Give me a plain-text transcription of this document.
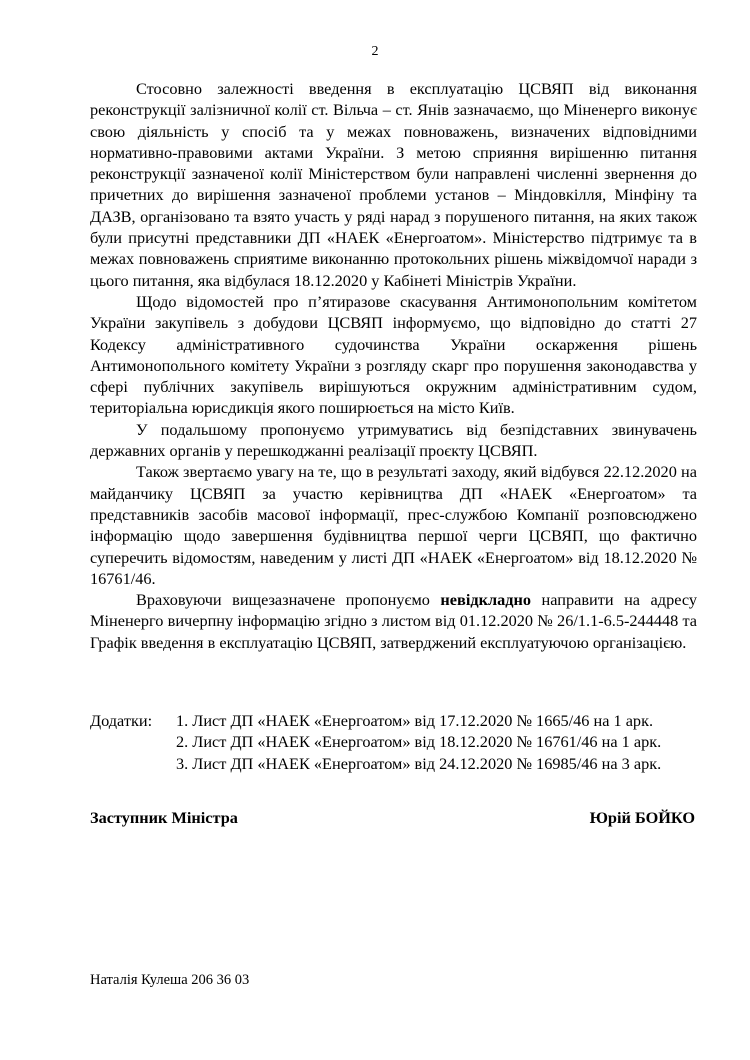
2

Стосовно залежності введення в експлуатацію ЦСВЯП від виконання реконструкції залізничної колії ст. Вільча – ст. Янів зазначаємо, що Міненерго виконує свою діяльність у спосіб та у межах повноважень, визначених відповідними нормативно-правовими актами України. З метою сприяння вирішенню питання реконструкції зазначеної колії Міністерством були направлені численні звернення до причетних до вирішення зазначеної проблеми установ – Міндовкілля, Мінфіну та ДАЗВ, організовано та взято участь у ряді нарад з порушеного питання, на яких також були присутні представники ДП «НАЕК «Енергоатом». Міністерство підтримує та в межах повноважень сприятиме виконанню протокольних рішень міжвідомчої наради з цього питання, яка відбулася 18.12.2020 у Кабінеті Міністрів України.

Щодо відомостей про п’ятиразове скасування Антимонопольним комітетом України закупівель з добудови ЦСВЯП інформуємо, що відповідно до статті 27 Кодексу адміністративного судочинства України оскарження рішень Антимонопольного комітету України з розгляду скарг про порушення законодавства у сфері публічних закупівель вирішуються окружним адміністративним судом, територіальна юрисдикція якого поширюється на місто Київ.

У подальшому пропонуємо утримуватись від безпідставних звинувачень державних органів у перешкоджанні реалізації проєкту ЦСВЯП.

Також звертаємо увагу на те, що в результаті заходу, який відбувся 22.12.2020 на майданчику ЦСВЯП за участю керівництва ДП «НАЕК «Енергоатом» та представників засобів масової інформації, прес-службою Компанії розповсюджено інформацію щодо завершення будівництва першої черги ЦСВЯП, що фактично суперечить відомостям, наведеним у листі ДП «НАЕК «Енергоатом» від 18.12.2020 № 16761/46.

Враховуючи вищезазначене пропонуємо невідкладно направити на адресу Міненерго вичерпну інформацію згідно з листом від 01.12.2020 № 26/1.1-6.5-244448 та Графік введення в експлуатацію ЦСВЯП, затверджений експлуатуючою організацією.

Додатки: 1. Лист ДП «НАЕК «Енергоатом» від 17.12.2020 № 1665/46 на 1 арк.
2. Лист ДП «НАЕК «Енергоатом» від 18.12.2020 № 16761/46 на 1 арк.
3. Лист ДП «НАЕК «Енергоатом» від 24.12.2020 № 16985/46 на 3 арк.
Заступник Міністра	Юрій БОЙКО
Наталія Кулеша 206 36 03
